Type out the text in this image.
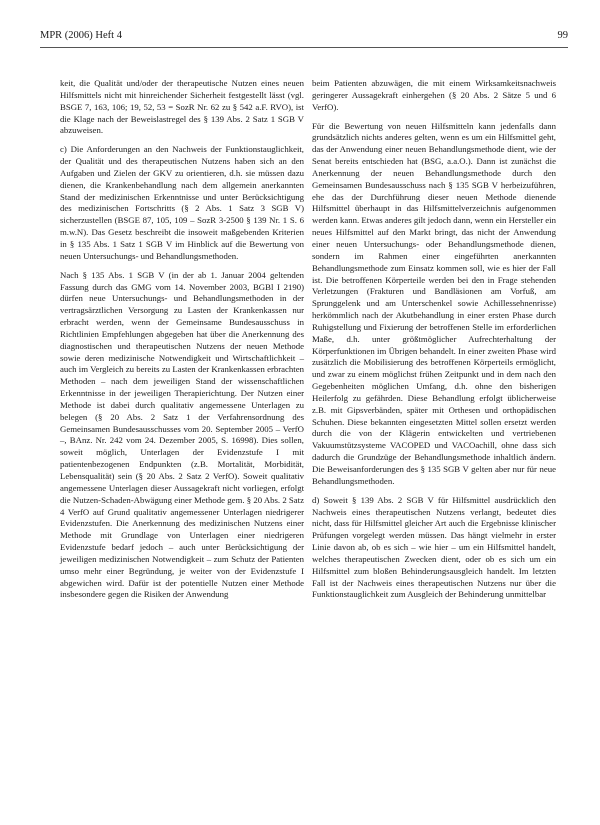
MPR (2006) Heft 4	99

keit, die Qualität und/oder der therapeutische Nutzen eines neuen Hilfsmittels nicht mit hinreichender Sicherheit festgestellt lässt (vgl. BSGE 7, 163, 106; 19, 52, 53 = SozR Nr. 62 zu § 542 a.F. RVO), ist die Klage nach der Beweislastregel des § 139 Abs. 2 Satz 1 SGB V abzuweisen.

c) Die Anforderungen an den Nachweis der Funktionstauglichkeit, der Qualität und des therapeutischen Nutzens haben sich an den Aufgaben und Zielen der GKV zu orientieren, d.h. sie müssen dazu dienen, die Krankenbehandlung nach dem allgemein anerkannten Stand der medizinischen Erkenntnisse und unter Berücksichtigung des medizinischen Fortschritts (§ 2 Abs. 1 Satz 3 SGB V) sicherzustellen (BSGE 87, 105, 109 – SozR 3-2500 § 139 Nr. 1 S. 6 m.w.N). Das Gesetz beschreibt die insoweit maßgebenden Kriterien in § 135 Abs. 1 Satz 1 SGB V im Hinblick auf die Bewertung von neuen Untersuchungs- und Behandlungsmethoden.

Nach § 135 Abs. 1 SGB V (in der ab 1. Januar 2004 geltenden Fassung durch das GMG vom 14. November 2003, BGBl I 2190) dürfen neue Untersuchungs- und Behandlungsmethoden in der vertragsärztlichen Versorgung zu Lasten der Krankenkassen nur erbracht werden, wenn der Gemeinsame Bundesausschuss in Richtlinien Empfehlungen abgegeben hat über die Anerkennung des diagnostischen und therapeutischen Nutzens der neuen Methode sowie deren medizinische Notwendigkeit und Wirtschaftlichkeit – auch im Vergleich zu bereits zu Lasten der Krankenkassen erbrachten Methoden – nach dem jeweiligen Stand der wissenschaftlichen Erkenntnisse in der jeweiligen Therapierichtung. Der Nutzen einer Methode ist dabei durch qualitativ angemessene Unterlagen zu belegen (§ 20 Abs. 2 Satz 1 der Verfahrensordnung des Gemeinsamen Bundesausschusses vom 20. September 2005 – VerfO –, BAnz. Nr. 242 vom 24. Dezember 2005, S. 16998). Dies sollen, soweit möglich, Unterlagen der Evidenzstufe I mit patientenbezogenen Endpunkten (z.B. Mortalität, Morbidität, Lebensqualität) sein (§ 20 Abs. 2 Satz 2 VerfO). Soweit qualitativ angemessene Unterlagen dieser Aussagekraft nicht vorliegen, erfolgt die Nutzen-Schaden-Abwägung einer Methode gem. § 20 Abs. 2 Satz 4 VerfO auf Grund qualitativ angemessener Unterlagen niedrigerer Evidenzstufen. Die Anerkennung des medizinischen Nutzens einer Methode mit Grundlage von Unterlagen einer niedrigeren Evidenzstufe bedarf jedoch – auch unter Berücksichtigung der jeweiligen medizinischen Notwendigkeit – zum Schutz der Patienten umso mehr einer Begründung, je weiter von der Evidenzstufe I abgewichen wird. Dafür ist der potentielle Nutzen einer Methode insbesondere gegen die Risiken der Anwendung

beim Patienten abzuwägen, die mit einem Wirksamkeitsnachweis geringerer Aussagekraft einhergehen (§ 20 Abs. 2 Sätze 5 und 6 VerfO).

Für die Bewertung von neuen Hilfsmitteln kann jedenfalls dann grundsätzlich nichts anderes gelten, wenn es um ein Hilfsmittel geht, das der Anwendung einer neuen Behandlungsmethode dient, wie der Senat bereits entschieden hat (BSG, a.a.O.). Dann ist zunächst die Anerkennung der neuen Behandlungsmethode durch den Gemeinsamen Bundesausschuss nach § 135 SGB V herbeizuführen, ehe das der Durchführung dieser neuen Methode dienende Hilfsmittel überhaupt in das Hilfsmittelverzeichnis aufgenommen werden kann. Etwas anderes gilt jedoch dann, wenn ein Hersteller ein neues Hilfsmittel auf den Markt bringt, das nicht der Anwendung einer neuen Untersuchungs- oder Behandlungsmethode dienen, sondern im Rahmen einer eingeführten anerkannten Behandlungsmethode zum Einsatz kommen soll, wie es hier der Fall ist. Die betroffenen Körperteile werden bei den in Frage stehenden Verletzungen (Frakturen und Bandläsionen am Vorfuß, am Sprunggelenk und am Unterschenkel sowie Achillessehnenrisse) herkömmlich nach der Akutbehandlung in einer ersten Phase durch Ruhigstellung und Fixierung der betroffenen Stelle im erforderlichen Maße, d.h. unter größtmöglicher Aufrechterhaltung der Körperfunktionen im Übrigen behandelt. In einer zweiten Phase wird zusätzlich die Mobilisierung des betroffenen Körperteils ermöglicht, und zwar zu einem möglichst frühen Zeitpunkt und in dem nach den Gegebenheiten möglichen Umfang, d.h. ohne den bisherigen Heilerfolg zu gefährden. Diese Behandlung erfolgt üblicherweise z.B. mit Gipsverbänden, später mit Orthesen und orthopädischen Schuhen. Diese bekannten eingesetzten Mittel sollen ersetzt werden durch die von der Klägerin entwickelten und vertriebenen Vakuumstützsysteme VACOPED und VACOachill, ohne dass sich dadurch die Grundzüge der Behandlungsmethode inhaltlich ändern. Die Beweisanforderungen des § 135 SGB V gelten aber nur für neue Behandlungsmethoden.

d) Soweit § 139 Abs. 2 SGB V für Hilfsmittel ausdrücklich den Nachweis eines therapeutischen Nutzens verlangt, bedeutet dies nicht, dass für Hilfsmittel gleicher Art auch die Ergebnisse klinischer Prüfungen vorgelegt werden müssen. Das hängt vielmehr in erster Linie davon ab, ob es sich – wie hier – um ein Hilfsmittel handelt, welches therapeutischen Zwecken dient, oder ob es sich um ein Hilfsmittel zum bloßen Behinderungsausgleich handelt. Im letzten Fall ist der Nachweis eines therapeutischen Nutzens nur über die Funktionstauglichkeit zum Ausgleich der Behinderung unmittelbar
